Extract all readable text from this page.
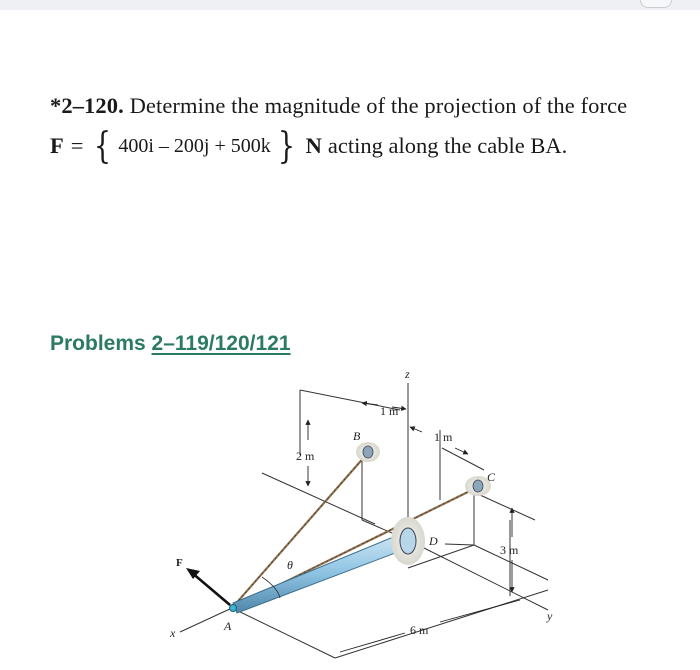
*2–120. Determine the magnitude of the projection of the force
F = { 400i – 200j + 500k } N acting along the cable BA.
Problems 2–119/120/121
z
x
y
F
A
B
C
D
θ
1 m
1 m
2 m
3 m
6 m
